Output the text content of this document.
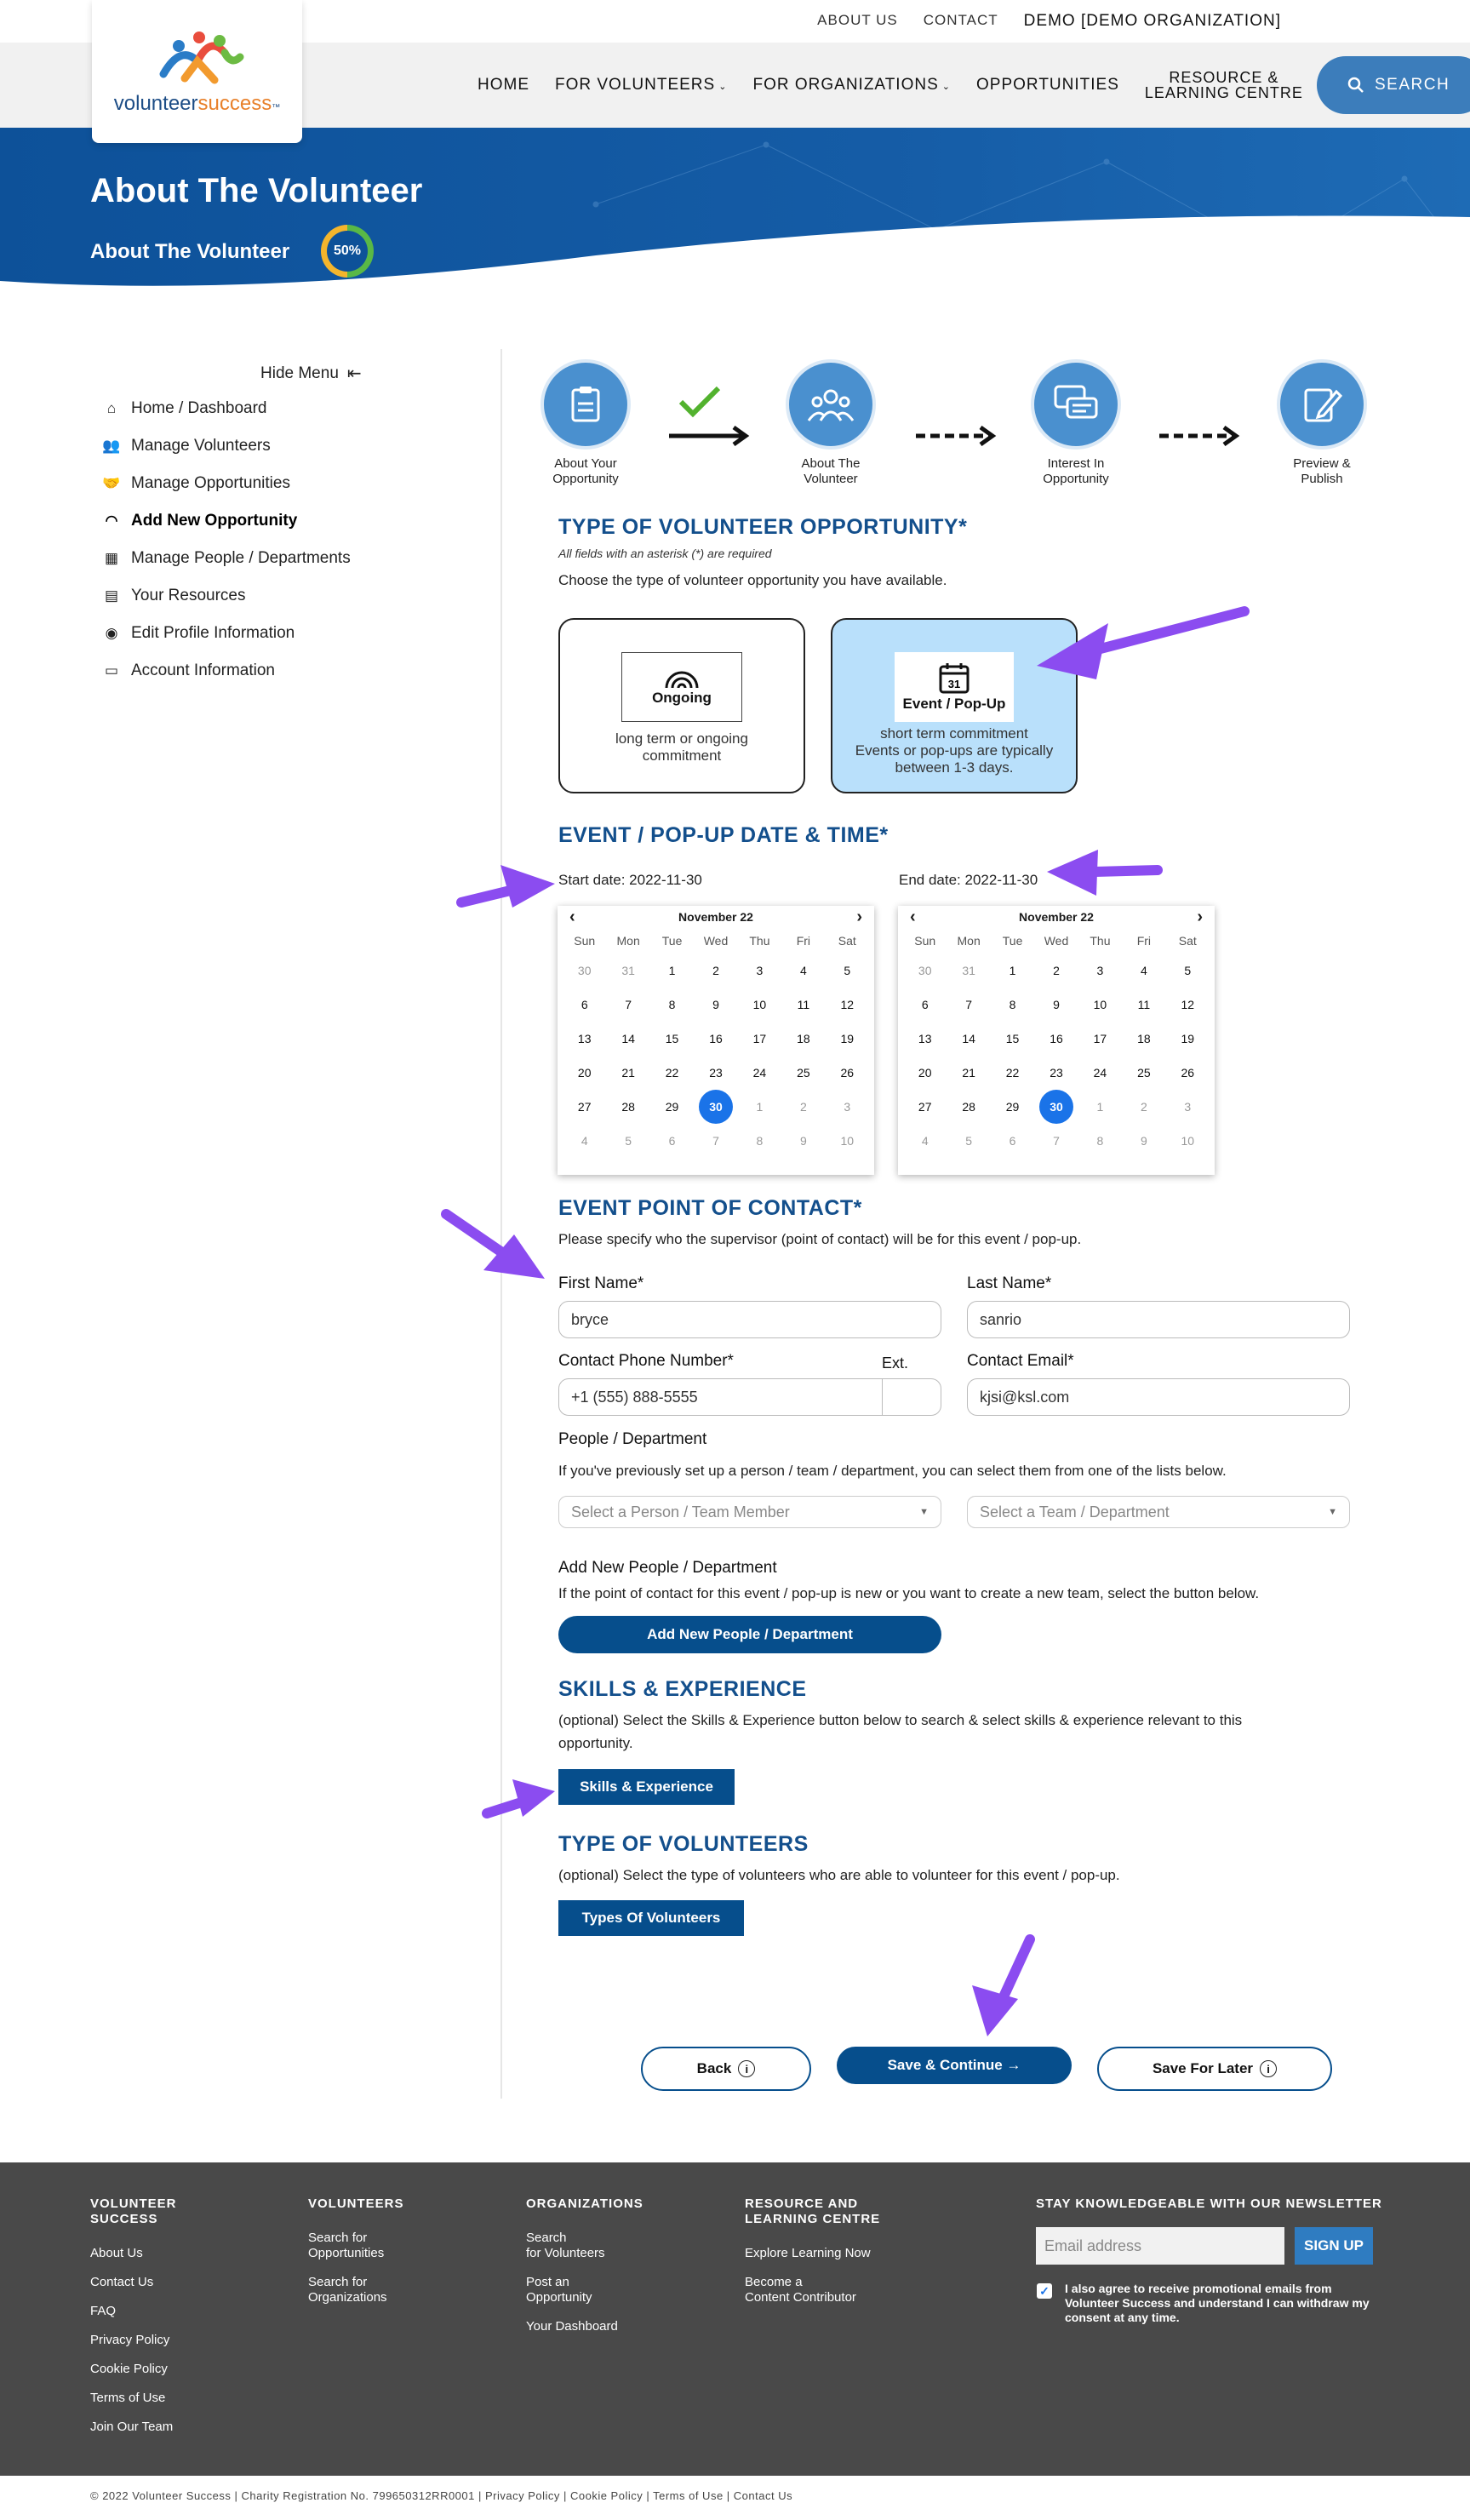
ABOUT US CONTACT DEMO [DEMO ORGANIZATION]
volunteersuccess™
HOME FOR VOLUNTEERS ⌄ FOR ORGANIZATIONS ⌄ OPPORTUNITIES	RESOURCE &
LEARNING CENTRE	SEARCH
About The Volunteer
About The Volunteer	50%
Hide Menu ⇤
⌂ Home / Dashboard
👥 Manage Volunteers
🤝 Manage Opportunities
◠ Add New Opportunity
▦ Manage People / Departments
▤ Your Resources
◉ Edit Profile Information
▭ Account Information
About Your
Opportunity
About The
Volunteer
Interest In
Opportunity
Preview &
Publish
TYPE OF VOLUNTEER OPPORTUNITY*
All fields with an asterisk (*) are required
Choose the type of volunteer opportunity you have available.
Ongoing
long term or ongoing
commitment
31
Event / Pop-Up
short term commitment
Events or pop-ups are typically
between 1-3 days.
EVENT / POP-UP DATE & TIME*
Start date: 2022-11-30	End date: 2022-11-30
‹	November 22	›
Sun	Mon	Tue	Wed	Thu	Fri	Sat
30	31	1	2	3	4	5
6	7	8	9	10	11	12
13	14	15	16	17	18	19
20	21	22	23	24	25	26
27	28	29	30	1	2	3
4	5	6	7	8	9	10
‹	November 22	›
Sun	Mon	Tue	Wed	Thu	Fri	Sat
30	31	1	2	3	4	5
6	7	8	9	10	11	12
13	14	15	16	17	18	19
20	21	22	23	24	25	26
27	28	29	30	1	2	3
4	5	6	7	8	9	10
EVENT POINT OF CONTACT*
Please specify who the supervisor (point of contact) will be for this event / pop-up.
First Name*
bryce
Last Name*
sanrio
Contact Phone Number*	Ext.
+1 (555) 888-5555
Contact Email*
kjsi@ksl.com
People / Department
If you've previously set up a person / team / department, you can select them from one of the lists below.
Select a Person / Team Member	▼	Select a Team / Department	▼
Add New People / Department
If the point of contact for this event / pop-up is new or you want to create a new team, select the button below.
Add New People / Department
SKILLS & EXPERIENCE
(optional) Select the Skills & Experience button below to search & select skills & experience relevant to this
opportunity.
Skills & Experience
TYPE OF VOLUNTEERS
(optional) Select the type of volunteers who are able to volunteer for this event / pop-up.
Types Of Volunteers
Back	i	Save & Continue →	Save For Later	i
VOLUNTEER
SUCCESS
About Us
Contact Us
FAQ
Privacy Policy
Cookie Policy
Terms of Use
Join Our Team
VOLUNTEERS
Search for
Opportunities
Search for
Organizations
ORGANIZATIONS
Search
for Volunteers
Post an
Opportunity
Your Dashboard
RESOURCE AND
LEARNING CENTRE
Explore Learning Now
Become a
Content Contributor
STAY KNOWLEDGEABLE WITH OUR NEWSLETTER
Email address	SIGN UP
✓ I also agree to receive promotional emails from Volunteer Success and understand I can withdraw my consent at any time.
© 2022 Volunteer Success | Charity Registration No. 799650312RR0001 | Privacy Policy | Cookie Policy | Terms of Use | Contact Us
